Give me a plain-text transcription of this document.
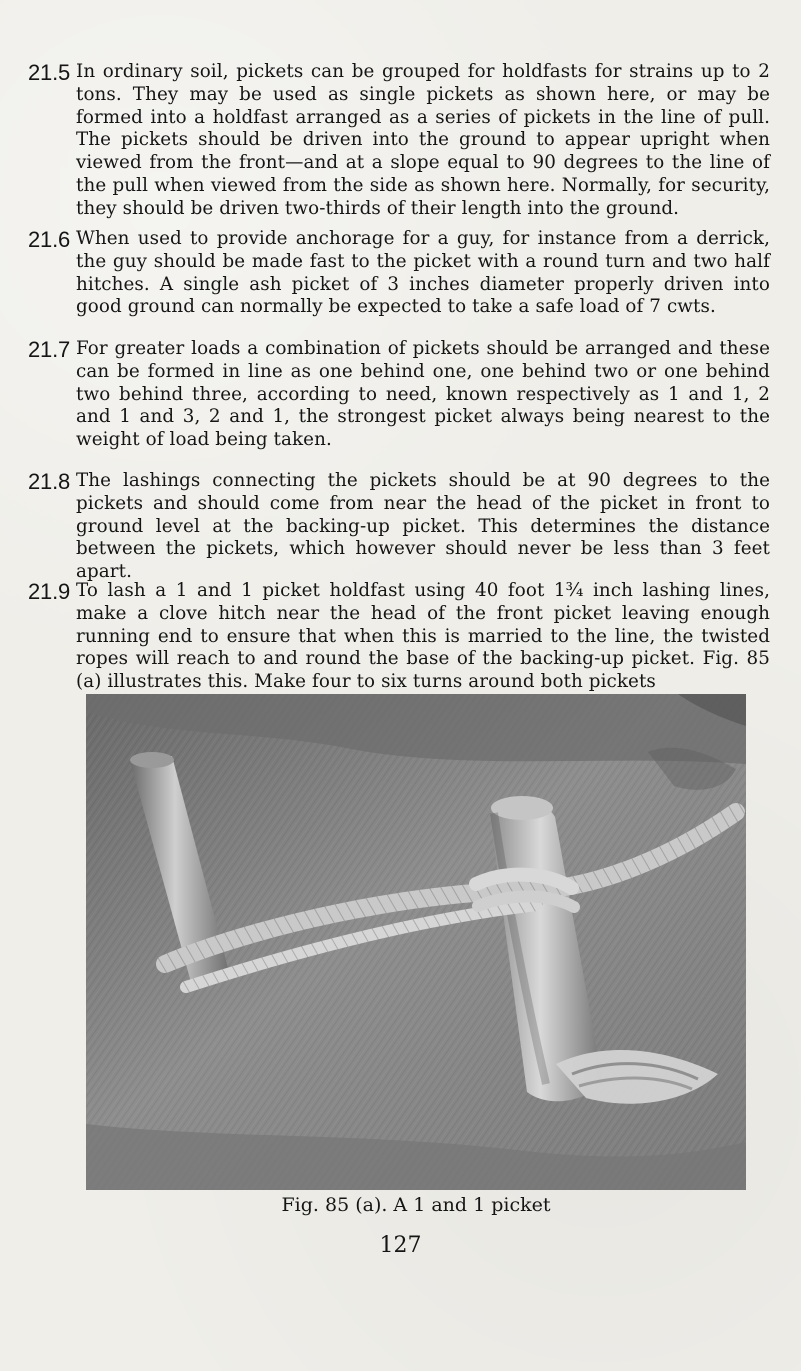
21.5 In ordinary soil, pickets can be grouped for holdfasts for strains up to 2 tons. They may be used as single pickets as shown here, or may be formed into a holdfast arranged as a series of pickets in the line of pull. The pickets should be driven into the ground to appear upright when viewed from the front—and at a slope equal to 90 degrees to the line of the pull when viewed from the side as shown here. Normally, for security, they should be driven two-thirds of their length into the ground.
21.6 When used to provide anchorage for a guy, for instance from a derrick, the guy should be made fast to the picket with a round turn and two half hitches. A single ash picket of 3 inches diameter properly driven into good ground can normally be expected to take a safe load of 7 cwts.
21.7 For greater loads a combination of pickets should be arranged and these can be formed in line as one behind one, one behind two or one behind two behind three, according to need, known respectively as 1 and 1, 2 and 1 and 3, 2 and 1, the strongest picket always being nearest to the weight of load being taken.
21.8 The lashings connecting the pickets should be at 90 degrees to the pickets and should come from near the head of the picket in front to ground level at the backing-up picket. This determines the distance between the pickets, which however should never be less than 3 feet apart.
21.9 To lash a 1 and 1 picket holdfast using 40 foot 1¾ inch lashing lines, make a clove hitch near the head of the front picket leaving enough running end to ensure that when this is married to the line, the twisted ropes will reach to and round the base of the backing-up picket. Fig. 85 (a) illustrates this. Make four to six turns around both pickets
Fig. 85 (a). A 1 and 1 picket
127
